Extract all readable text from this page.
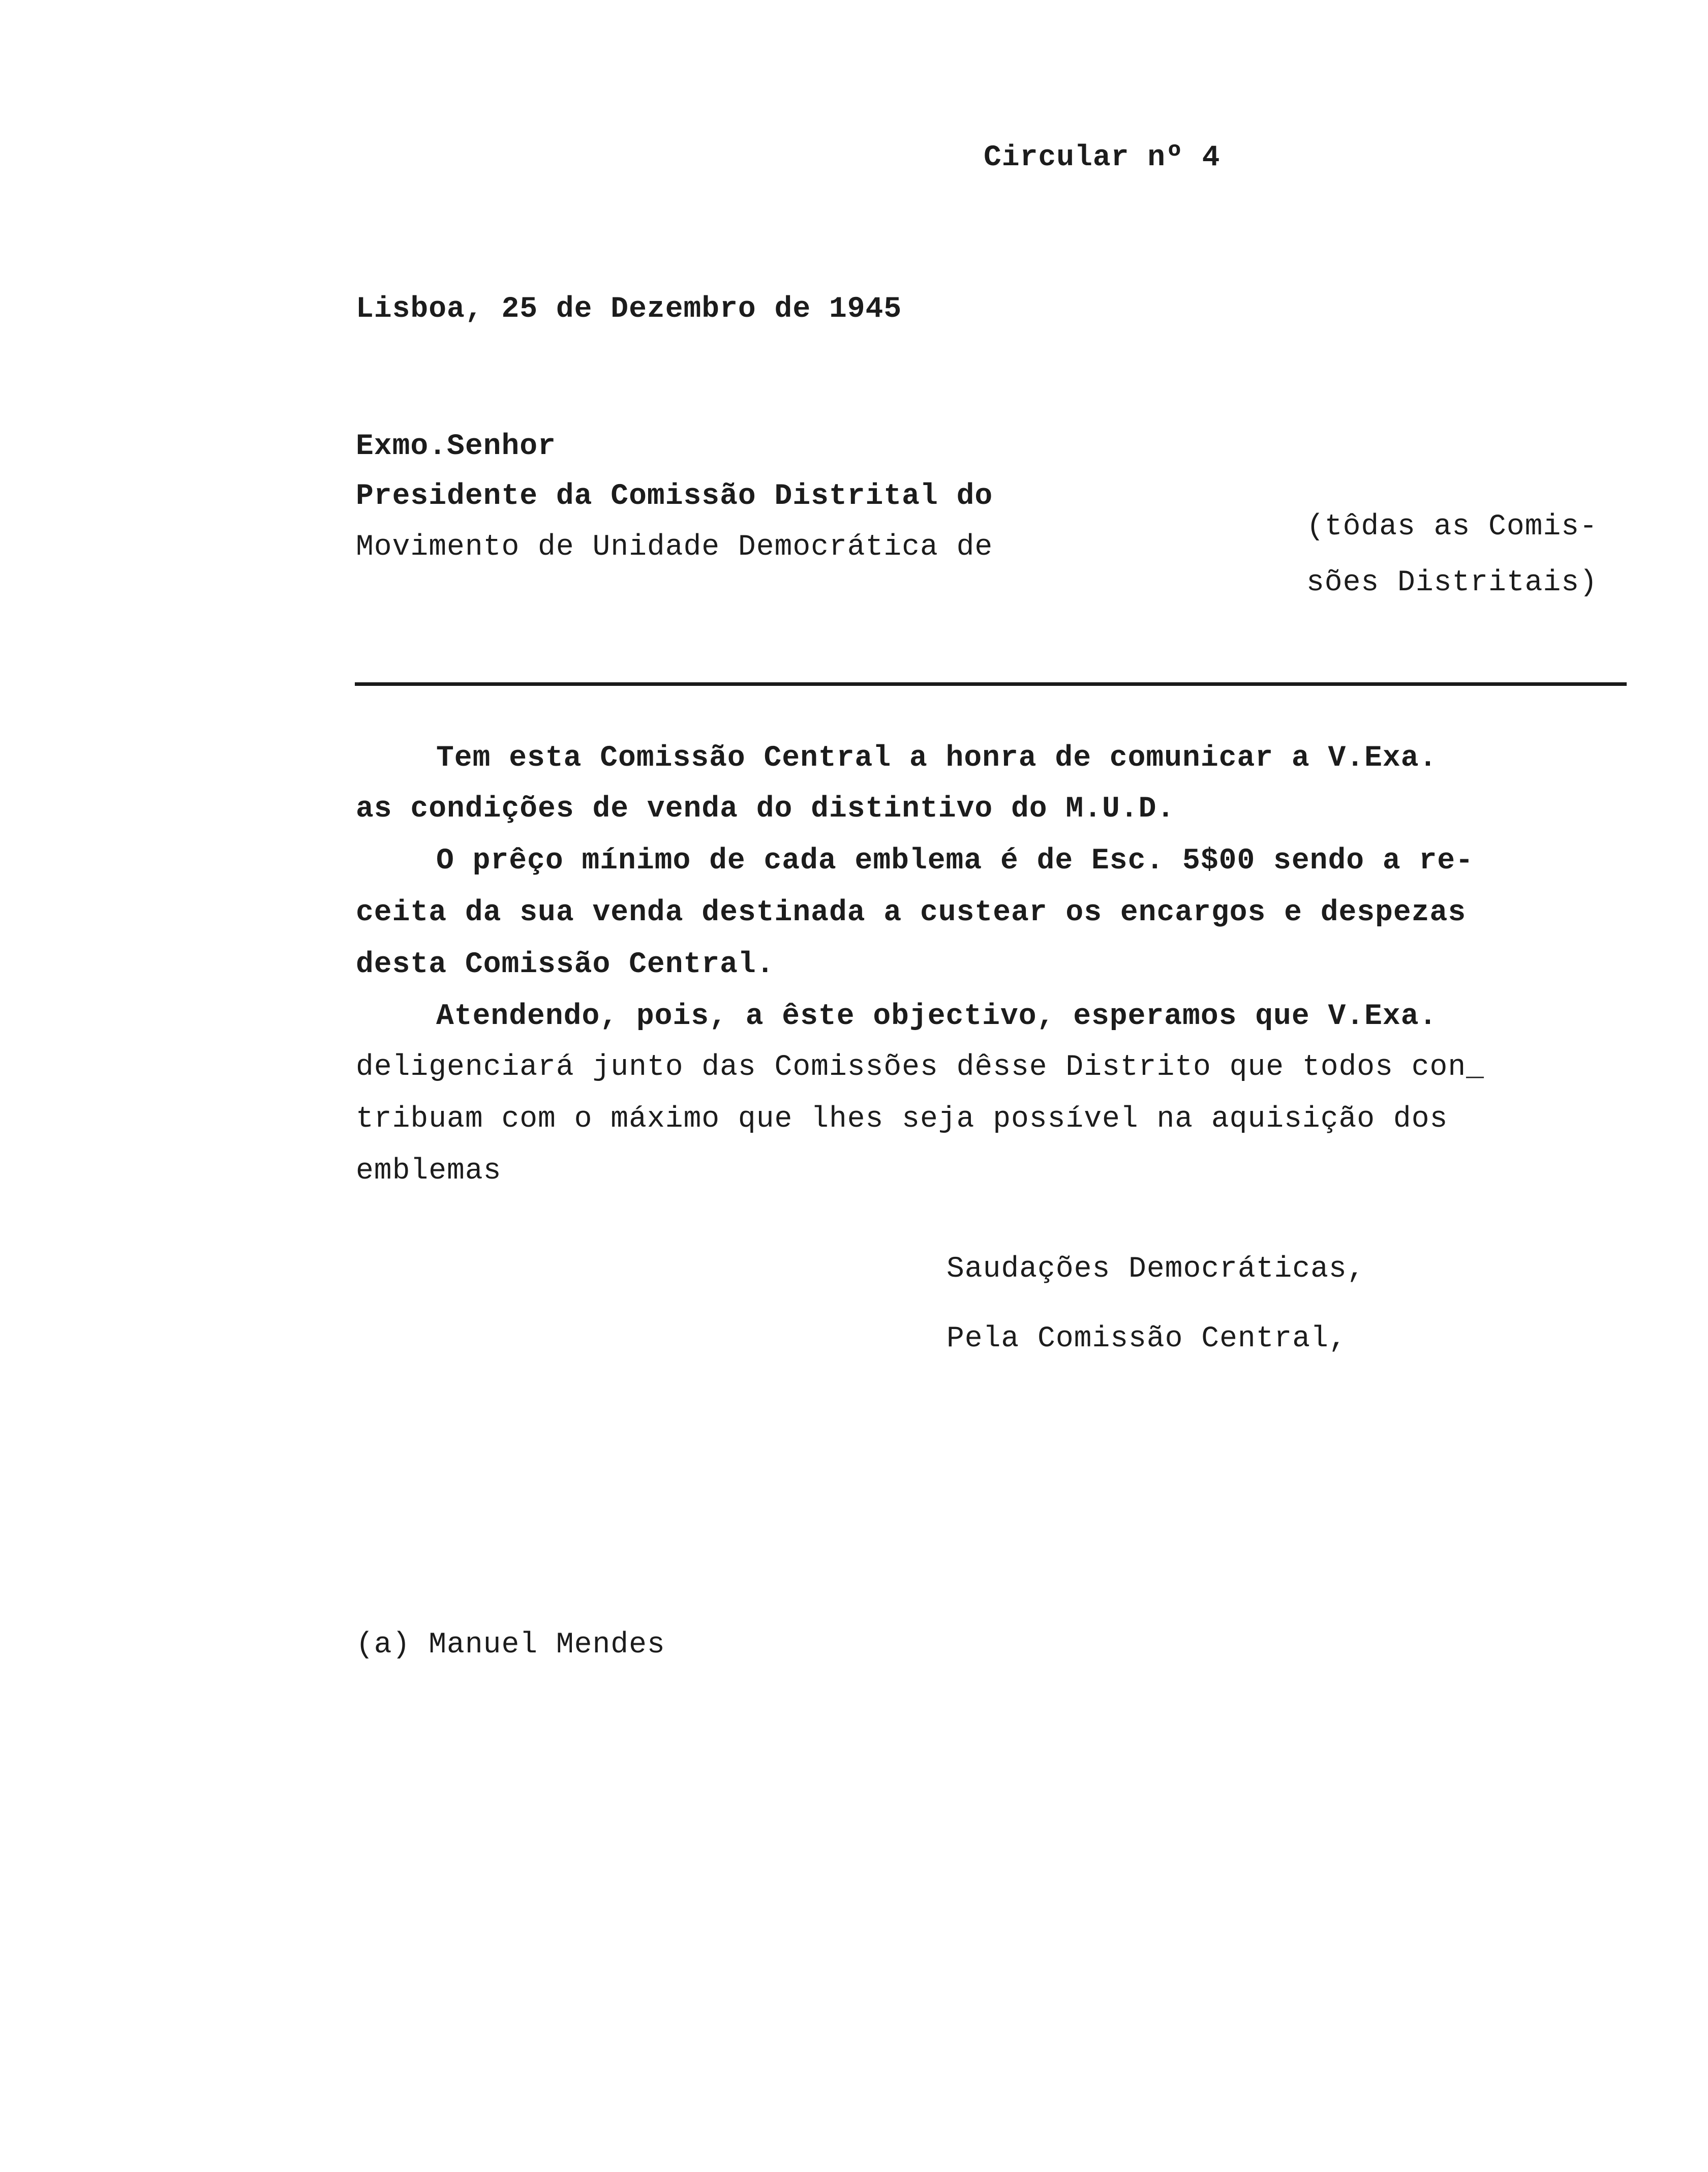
Circular nº 4
Lisboa, 25 de Dezembro de 1945
Exmo.Senhor
Presidente da Comissão Distrital do
Movimento de Unidade Democrática de
(tôdas as Comis-
sões Distritais)
Tem esta Comissão Central a honra de comunicar a V.Exa.
as condições de venda do distintivo do M.U.D.
O prêço mínimo de cada emblema é de Esc. 5$00 sendo a re-
ceita da sua venda destinada a custear os encargos e despezas
desta Comissão Central.
Atendendo, pois, a êste objectivo, esperamos que V.Exa.
deligenciará junto das Comissões dêsse Distrito que todos con_
tribuam com o máximo que lhes seja possível na aquisição dos
emblemas
Saudações Democráticas,
Pela Comissão Central,
(a) Manuel Mendes
